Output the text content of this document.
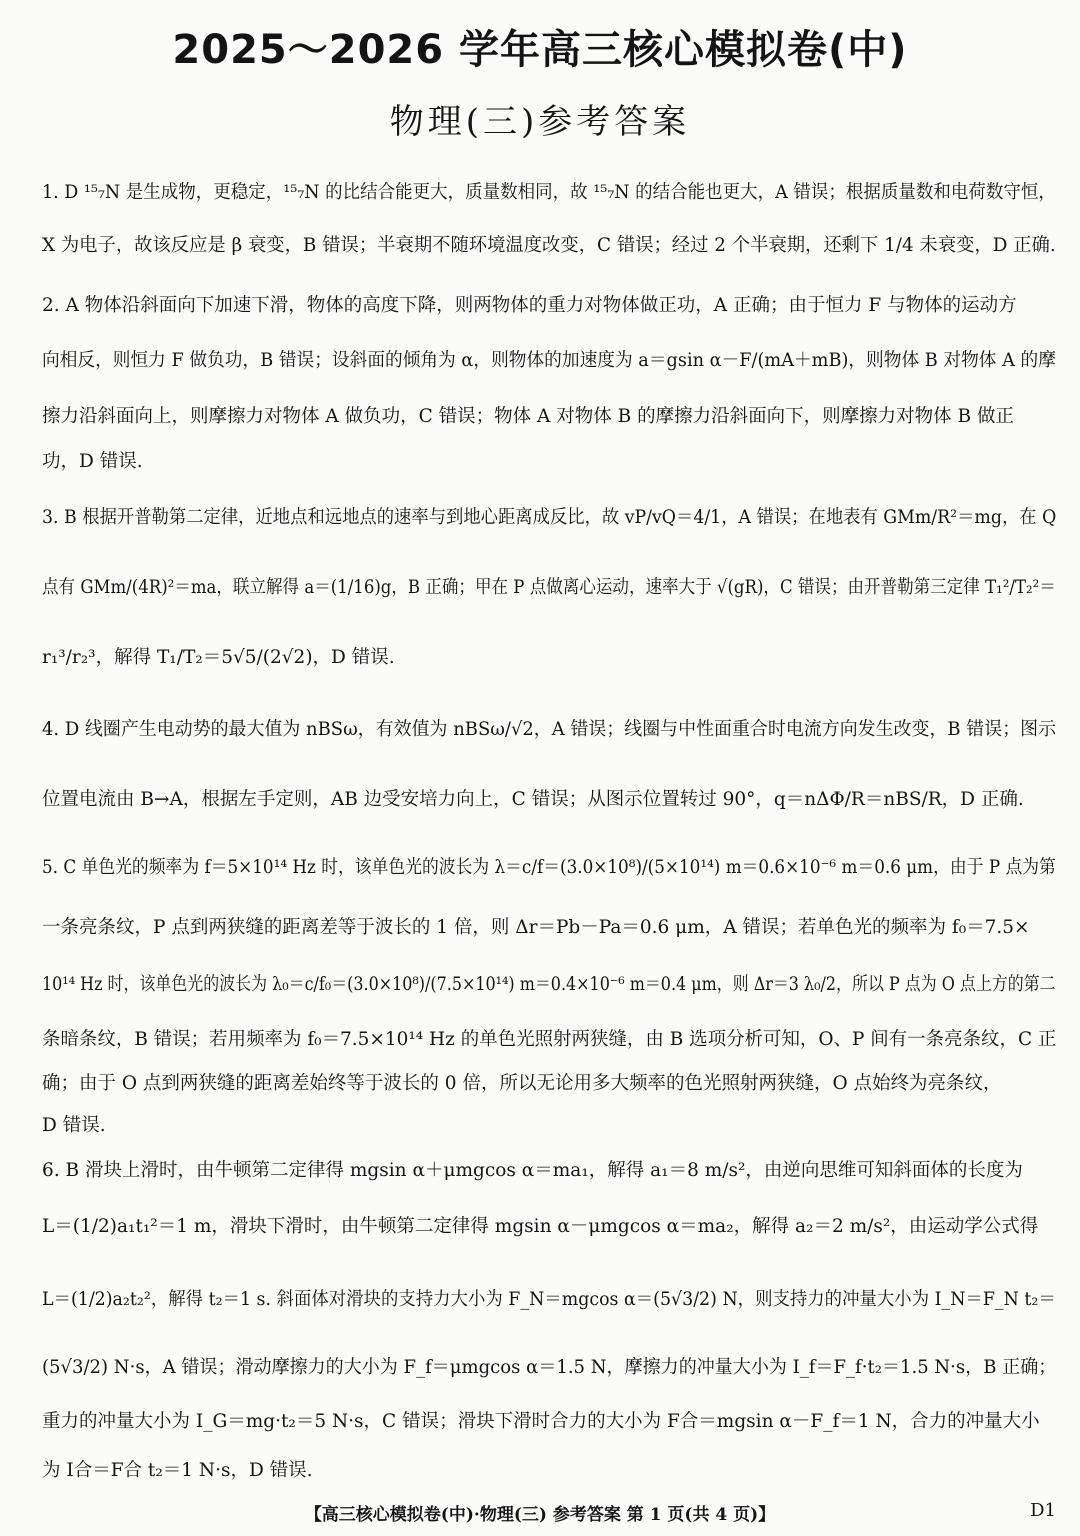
2025～2026 学年高三核心模拟卷(中)
物理(三)参考答案
1. D ¹⁵₇N 是生成物，更稳定，¹⁵₇N 的比结合能更大，质量数相同，故 ¹⁵₇N 的结合能也更大，A 错误；根据质量数和电荷数守恒，
X 为电子，故该反应是 β 衰变，B 错误；半衰期不随环境温度改变，C 错误；经过 2 个半衰期，还剩下 1/4 未衰变，D 正确.
2. A 物体沿斜面向下加速下滑，物体的高度下降，则两物体的重力对物体做正功，A 正确；由于恒力 F 与物体的运动方
向相反，则恒力 F 做负功，B 错误；设斜面的倾角为 α，则物体的加速度为 a＝gsin α－F/(mA＋mB)，则物体 B 对物体 A 的摩
擦力沿斜面向上，则摩擦力对物体 A 做负功，C 错误；物体 A 对物体 B 的摩擦力沿斜面向下，则摩擦力对物体 B 做正
功，D 错误.
3. B 根据开普勒第二定律，近地点和远地点的速率与到地心距离成反比，故 vP/vQ＝4/1，A 错误；在地表有 GMm/R²＝mg，在 Q
点有 GMm/(4R)²＝ma，联立解得 a＝(1/16)g，B 正确；甲在 P 点做离心运动，速率大于 √(gR)，C 错误；由开普勒第三定律 T₁²/T₂²＝
r₁³/r₂³，解得 T₁/T₂＝5√5/(2√2)，D 错误.
4. D 线圈产生电动势的最大值为 nBSω，有效值为 nBSω/√2，A 错误；线圈与中性面重合时电流方向发生改变，B 错误；图示
位置电流由 B→A，根据左手定则，AB 边受安培力向上，C 错误；从图示位置转过 90°，q＝nΔΦ/R＝nBS/R，D 正确.
5. C 单色光的频率为 f＝5×10¹⁴ Hz 时，该单色光的波长为 λ＝c/f＝(3.0×10⁸)/(5×10¹⁴) m＝0.6×10⁻⁶ m＝0.6 μm，由于 P 点为第
一条亮条纹，P 点到两狭缝的距离差等于波长的 1 倍，则 Δr＝Pb－Pa＝0.6 μm，A 错误；若单色光的频率为 f₀＝7.5×
10¹⁴ Hz 时，该单色光的波长为 λ₀＝c/f₀＝(3.0×10⁸)/(7.5×10¹⁴) m＝0.4×10⁻⁶ m＝0.4 μm，则 Δr＝3 λ₀/2，所以 P 点为 O 点上方的第二
条暗条纹，B 错误；若用频率为 f₀＝7.5×10¹⁴ Hz 的单色光照射两狭缝，由 B 选项分析可知，O、P 间有一条亮条纹，C 正
确；由于 O 点到两狭缝的距离差始终等于波长的 0 倍，所以无论用多大频率的色光照射两狭缝，O 点始终为亮条纹，
D 错误.
6. B 滑块上滑时，由牛顿第二定律得 mgsin α＋μmgcos α＝ma₁，解得 a₁＝8 m/s²，由逆向思维可知斜面体的长度为
L＝(1/2)a₁t₁²＝1 m，滑块下滑时，由牛顿第二定律得 mgsin α－μmgcos α＝ma₂，解得 a₂＝2 m/s²，由运动学公式得
L＝(1/2)a₂t₂²，解得 t₂＝1 s. 斜面体对滑块的支持力大小为 F_N＝mgcos α＝(5√3/2) N，则支持力的冲量大小为 I_N＝F_N t₂＝
(5√3/2) N·s，A 错误；滑动摩擦力的大小为 F_f＝μmgcos α＝1.5 N，摩擦力的冲量大小为 I_f＝F_f·t₂＝1.5 N·s，B 正确；
重力的冲量大小为 I_G＝mg·t₂＝5 N·s，C 错误；滑块下滑时合力的大小为 F合＝mgsin α－F_f＝1 N，合力的冲量大小
为 I合＝F合 t₂＝1 N·s，D 错误.
【高三核心模拟卷(中)·物理(三) 参考答案 第 1 页(共 4 页)】	D1
